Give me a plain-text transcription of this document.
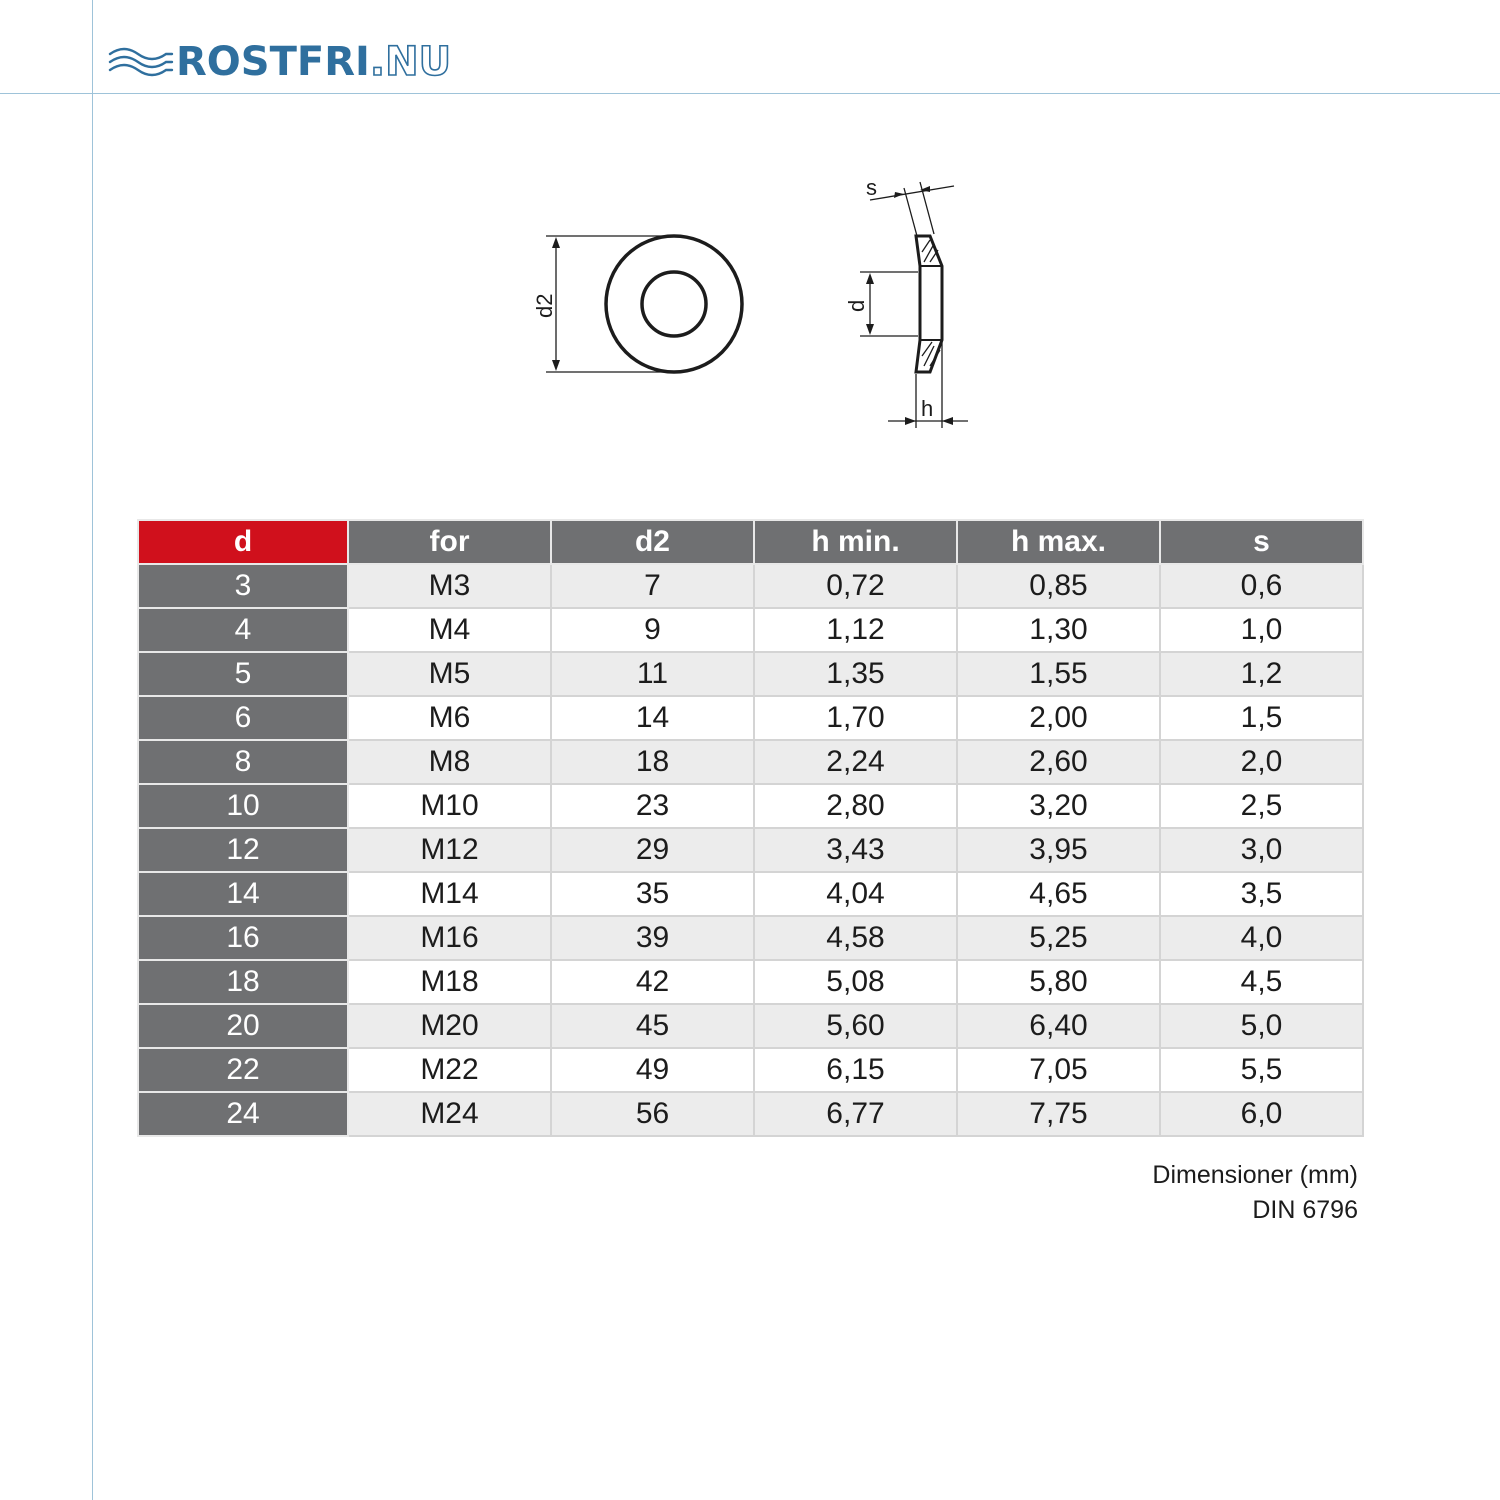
ROSTFRI .NU
d2	d
s
h
d	for	d2	h min.	h max.	s
3	M3	7	0,72	0,85	0,6
4	M4	9	1,12	1,30	1,0
5	M5	11	1,35	1,55	1,2
6	M6	14	1,70	2,00	1,5
8	M8	18	2,24	2,60	2,0
10	M10	23	2,80	3,20	2,5
12	M12	29	3,43	3,95	3,0
14	M14	35	4,04	4,65	3,5
16	M16	39	4,58	5,25	4,0
18	M18	42	5,08	5,80	4,5
20	M20	45	5,60	6,40	5,0
22	M22	49	6,15	7,05	5,5
24	M24	56	6,77	7,75	6,0
Dimensioner (mm)
DIN 6796
